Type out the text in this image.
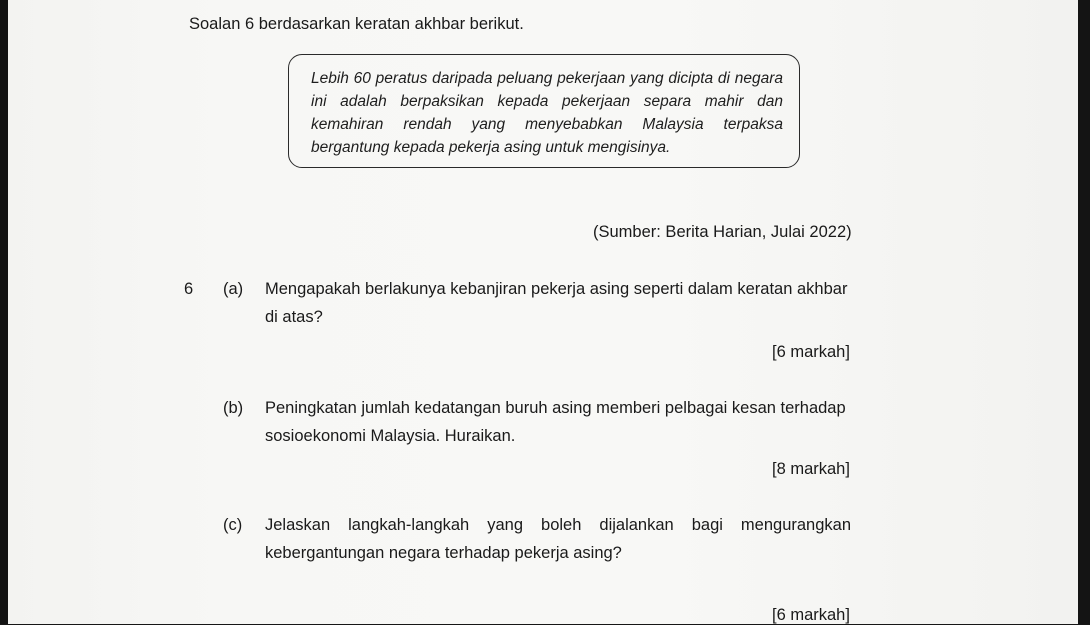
Soalan 6 berdasarkan keratan akhbar berikut.
Lebih 60 peratus daripada peluang pekerjaan yang dicipta di negara ini adalah berpaksikan kepada pekerjaan separa mahir dan kemahiran rendah yang menyebabkan Malaysia terpaksa bergantung kepada pekerja asing untuk mengisinya.
(Sumber: Berita Harian, Julai 2022)
6 (a) Mengapakah berlakunya kebanjiran pekerja asing seperti dalam keratan akhbar
di atas?
[6 markah]
(b) Peningkatan jumlah kedatangan buruh asing memberi pelbagai kesan terhadap
sosioekonomi Malaysia. Huraikan.
[8 markah]
(c) Jelaskan langkah-langkah yang boleh dijalankan bagi mengurangkan
kebergantungan negara terhadap pekerja asing?
[6 markah]
